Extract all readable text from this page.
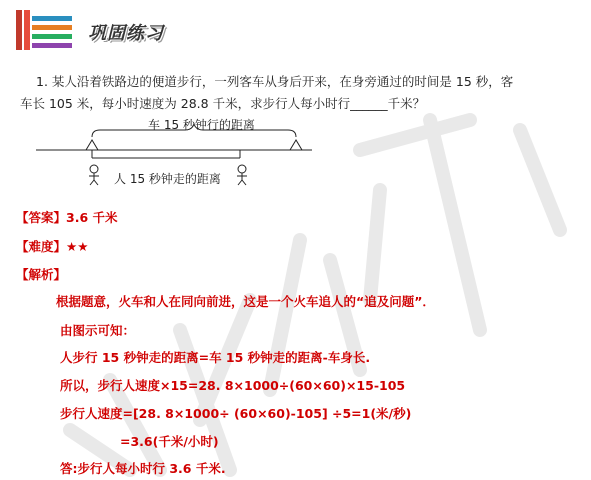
巩固练习
1. 某人沿着铁路边的便道步行，一列客车从身后开来，在身旁通过的时间是 15 秒，客
车长 105 米，每小时速度为 28.8 千米，求步行人每小时行______千米？
车 15 秒钟行的距离
人 15 秒钟走的距离
【答案】3.6 千米
【难度】★★
【解析】
根据题意，火车和人在同向前进，这是一个火车追人的“追及问题”．
由图示可知：
人步行 15 秒钟走的距离=车 15 秒钟走的距离-车身长.
所以，步行人速度×15=28. 8×1000÷(60×60)×15-105
步行人速度=[28. 8×1000÷ (60×60)-105] ÷5=1(米/秒)
=3.6(千米/小时)
答:步行人每小时行 3.6 千米.
